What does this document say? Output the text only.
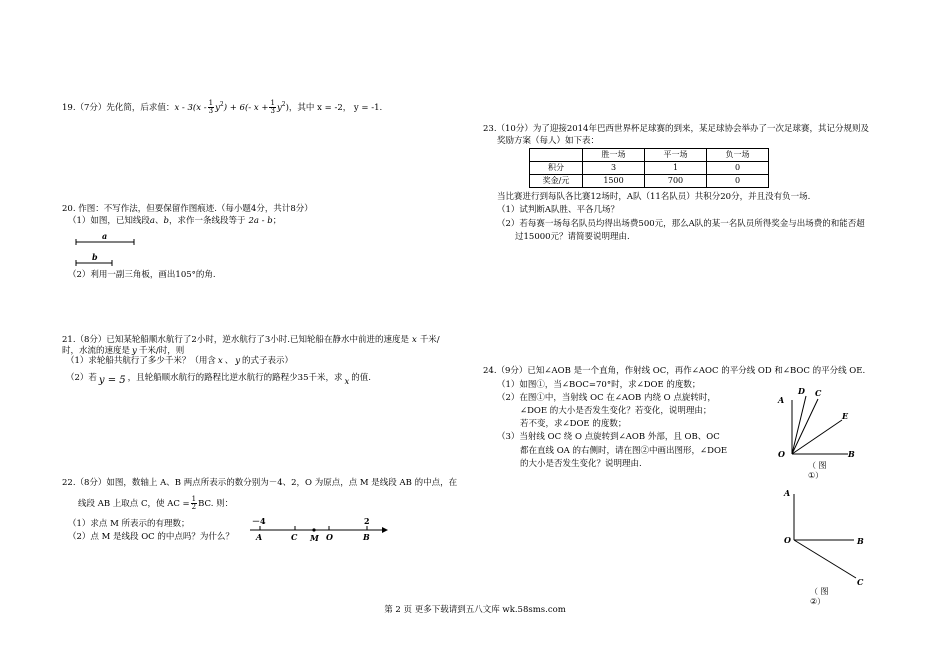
19.（7分）先化简，后求值：$x - 3(x - \frac{1}{3} y^2) + 6(-$ $x + \frac{1}{3} y^2$)，其中 x = -2， y = -1.
20. 作图：不写作法，但要保留作图痕迹.（每小题4分，共计8分）
（1）如图，已知线段a、b，求作一条线段等于 2a - b；
a
b
（2）利用一副三角板，画出105°的角.
21.（8分）已知某轮船顺水航行了2小时，逆水航行了3小时.已知轮船在静水中前进的速度是 x 千米/
时，水流的速度是 y 千米/时，则
（1）求轮船共航行了多少千米？（用含 x 、 y 的式子表示）
（2）若 y = 5 ，且轮船顺水航行的路程比逆水航行的路程少35千米，求 x 的值.
22.（8分）如图，数轴上 A、B 两点所表示的数分别为－4、2，O 为原点，点 M 是线段 AB 的中点，在
线段 AB 上取点 C，使 AC = $\frac{1}{2}$ BC. 则：
（1）求点 M 所表示的有理数；
（2）点 M 是线段 OC 的中点吗？为什么？
－4	2
A	C M O	B
23.（10分）为了迎接2014年巴西世界杯足球赛的到来，某足球协会举办了一次足球赛，其记分规则及
奖励方案（每人）如下表：
	胜一场	平一场	负一场
积分	3	1	0
奖金/元	1500	700	0
当比赛进行到每队各比赛12场时，A队（11名队员）共积分20分，并且没有负一场.
（1）试判断A队胜、平各几场？
（2）若每赛一场每名队员均得出场费500元，那么A队的某一名队员所得奖金与出场费的和能否超
过15000元？请简要说明理由.
24.（9分）已知∠AOB 是一个直角，作射线 OC，再作∠AOC 的平分线 OD 和∠BOC 的平分线 OE.
（1）如图①，当∠BOC=70°时，求∠DOE 的度数；
（2）在图①中，当射线 OC 在∠AOB 内绕 O 点旋转时，
∠DOE 的大小是否发生变化？若变化，说明理由；
若不变，求∠DOE 的度数；
（3）当射线 OC 绕 O 点旋转到∠AOB 外部，且 OB、OC
都在直线 OA 的右侧时，请在图②中画出图形，∠DOE
的大小是否发生变化？说明理由.
A
D C
E
O	B
（ 图
①）
A
O	B
C
（ 图
②）
第 2 页 更多下载请到五八文库 wk.58sms.com
